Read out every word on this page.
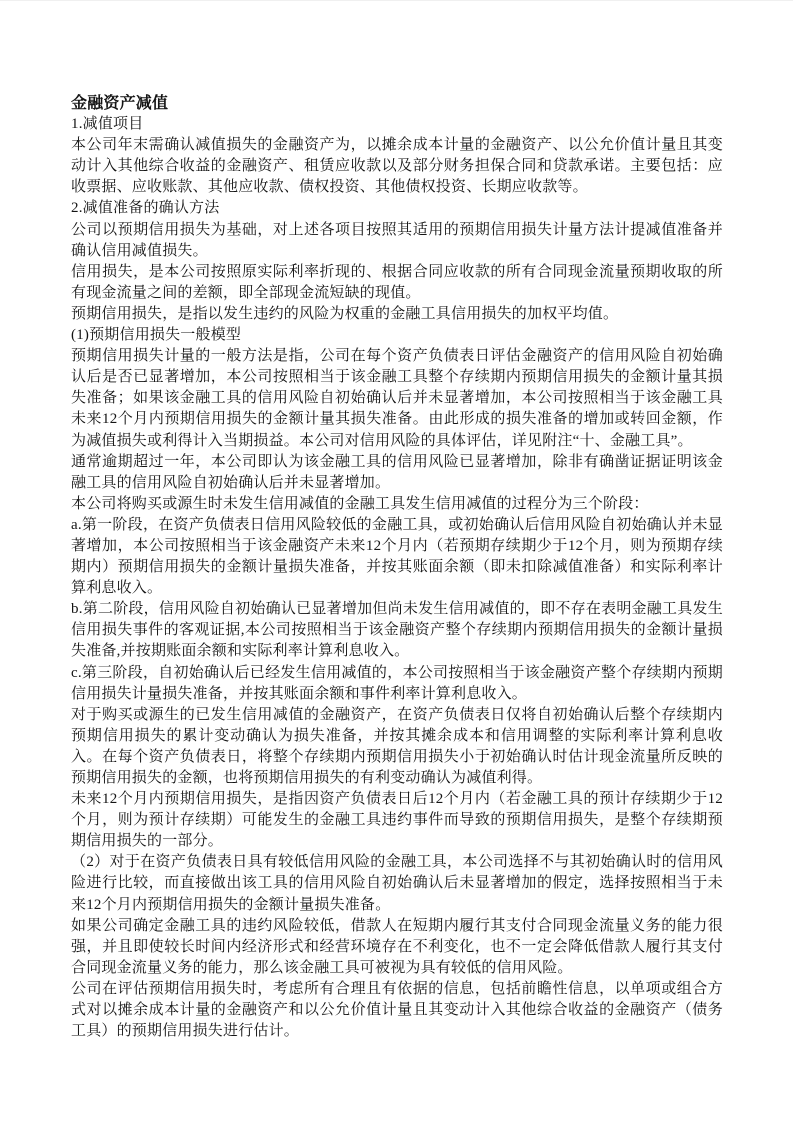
金融资产减值

1.减值项目

本公司年末需确认减值损失的金融资产为，以摊余成本计量的金融资产、以公允价值计量且其变动计入其他综合收益的金融资产、租赁应收款以及部分财务担保合同和贷款承诺。主要包括：应收票据、应收账款、其他应收款、债权投资、其他债权投资、长期应收款等。

2.减值准备的确认方法

公司以预期信用损失为基础，对上述各项目按照其适用的预期信用损失计量方法计提减值准备并确认信用减值损失。

信用损失，是本公司按照原实际利率折现的、根据合同应收款的所有合同现金流量预期收取的所有现金流量之间的差额，即全部现金流短缺的现值。

预期信用损失，是指以发生违约的风险为权重的金融工具信用损失的加权平均值。

(1)预期信用损失一般模型

预期信用损失计量的一般方法是指，公司在每个资产负债表日评估金融资产的信用风险自初始确认后是否已显著增加，本公司按照相当于该金融工具整个存续期内预期信用损失的金额计量其损失准备；如果该金融工具的信用风险自初始确认后并未显著增加，本公司按照相当于该金融工具未来12个月内预期信用损失的金额计量其损失准备。由此形成的损失准备的增加或转回金额，作为减值损失或利得计入当期损益。本公司对信用风险的具体评估，详见附注“十、金融工具”。

通常逾期超过一年，本公司即认为该金融工具的信用风险已显著增加，除非有确凿证据证明该金融工具的信用风险自初始确认后并未显著增加。

本公司将购买或源生时未发生信用减值的金融工具发生信用减值的过程分为三个阶段：

a.第一阶段，在资产负债表日信用风险较低的金融工具，或初始确认后信用风险自初始确认并未显著增加，本公司按照相当于该金融资产未来12个月内（若预期存续期少于12个月，则为预期存续期内）预期信用损失的金额计量损失准备，并按其账面余额（即未扣除减值准备）和实际利率计算利息收入。

b.第二阶段，信用风险自初始确认已显著增加但尚未发生信用减值的，即不存在表明金融工具发生信用损失事件的客观证据,本公司按照相当于该金融资产整个存续期内预期信用损失的金额计量损失准备,并按期账面余额和实际利率计算利息收入。

c.第三阶段，自初始确认后已经发生信用减值的，本公司按照相当于该金融资产整个存续期内预期信用损失计量损失准备，并按其账面余额和事件利率计算利息收入。

对于购买或源生的已发生信用减值的金融资产，在资产负债表日仅将自初始确认后整个存续期内预期信用损失的累计变动确认为损失准备，并按其摊余成本和信用调整的实际利率计算利息收入。在每个资产负债表日，将整个存续期内预期信用损失小于初始确认时估计现金流量所反映的预期信用损失的金额，也将预期信用损失的有利变动确认为减值利得。

未来12个月内预期信用损失，是指因资产负债表日后12个月内（若金融工具的预计存续期少于12个月，则为预计存续期）可能发生的金融工具违约事件而导致的预期信用损失，是整个存续期预期信用损失的一部分。

（2）对于在资产负债表日具有较低信用风险的金融工具，本公司选择不与其初始确认时的信用风险进行比较，而直接做出该工具的信用风险自初始确认后未显著增加的假定，选择按照相当于未来12个月内预期信用损失的金额计量损失准备。

如果公司确定金融工具的违约风险较低，借款人在短期内履行其支付合同现金流量义务的能力很强，并且即使较长时间内经济形式和经营环境存在不利变化，也不一定会降低借款人履行其支付合同现金流量义务的能力，那么该金融工具可被视为具有较低的信用风险。

公司在评估预期信用损失时，考虑所有合理且有依据的信息，包括前瞻性信息，以单项或组合方式对以摊余成本计量的金融资产和以公允价值计量且其变动计入其他综合收益的金融资产（债务工具）的预期信用损失进行估计。
